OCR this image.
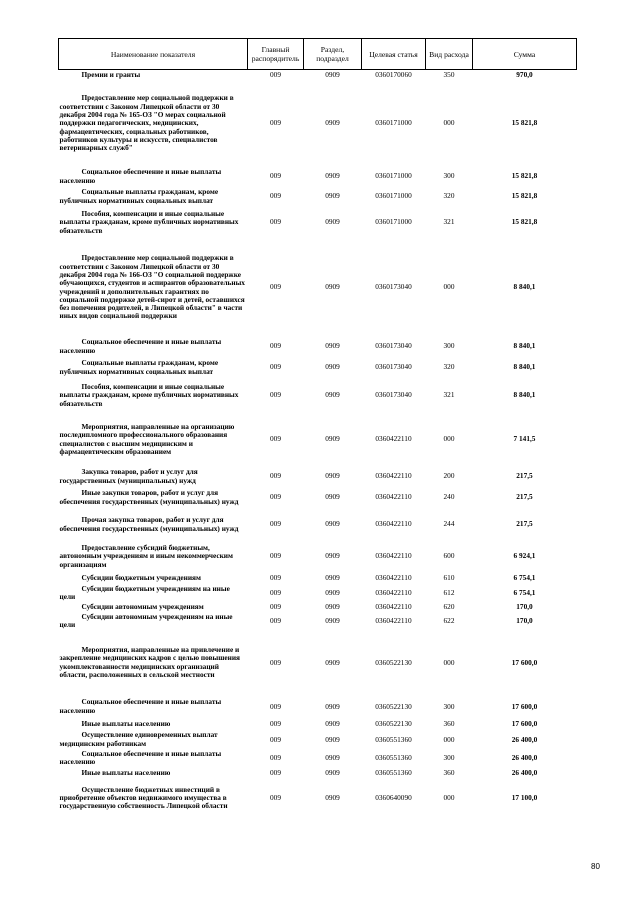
Наименование показателя	Главный распорядитель	Раздел, подраздел	Целевая статья	Вид расхода	Сумма
Премии и гранты	009	0909	0360170060	350	970,0
Предоставление мер социальной поддержки в соответствии с Законом Липецкой области от 30 декабря 2004 года № 165-ОЗ "О мерах социальной поддержки педагогических, медицинских, фармацевтических, социальных работников, работников культуры и искусств, специалистов ветеринарных служб"	009	0909	0360171000	000	15 821,8
Социальное обеспечение и иные выплаты населению	009	0909	0360171000	300	15 821,8
Социальные выплаты гражданам, кроме публичных нормативных социальных выплат	009	0909	0360171000	320	15 821,8
Пособия, компенсации и иные социальные выплаты гражданам, кроме публичных нормативных обязательств	009	0909	0360171000	321	15 821,8
Предоставление мер социальной поддержки в соответствии с Законом Липецкой области от 30 декабря 2004 года № 166-ОЗ "О социальной поддержке обучающихся, студентов и аспирантов образовательных учреждений и дополнительных гарантиях по социальной поддержке детей-сирот и детей, оставшихся без попечения родителей, в Липецкой области" в части иных видов социальной поддержки	009	0909	0360173040	000	8 840,1
Социальное обеспечение и иные выплаты населению	009	0909	0360173040	300	8 840,1
Социальные выплаты гражданам, кроме публичных нормативных социальных выплат	009	0909	0360173040	320	8 840,1
Пособия, компенсации и иные социальные выплаты гражданам, кроме публичных нормативных обязательств	009	0909	0360173040	321	8 840,1
Мероприятия, направленные на организацию последипломного профессионального образования специалистов с высшим медицинским и фармацевтическим образованием	009	0909	0360422110	000	7 141,5
Закупка товаров, работ и услуг для государственных (муниципальных) нужд	009	0909	0360422110	200	217,5
Иные закупки товаров, работ и услуг для обеспечения государственных (муниципальных) нужд	009	0909	0360422110	240	217,5
Прочая закупка товаров, работ и услуг для обеспечения государственных (муниципальных) нужд	009	0909	0360422110	244	217,5
Предоставление субсидий бюджетным, автономным учреждениям и иным некоммерческим организациям	009	0909	0360422110	600	6 924,1
Субсидии бюджетным учреждениям	009	0909	0360422110	610	6 754,1
Субсидии бюджетным учреждениям на иные цели	009	0909	0360422110	612	6 754,1
Субсидии автономным учреждениям	009	0909	0360422110	620	170,0
Субсидии автономным учреждениям на иные цели	009	0909	0360422110	622	170,0
Мероприятия, направленные на привлечение и закрепление медицинских кадров с целью повышения укомплектованности медицинских организаций области, расположенных в сельской местности	009	0909	0360522130	000	17 600,0
Социальное обеспечение и иные выплаты населению	009	0909	0360522130	300	17 600,0
Иные выплаты населению	009	0909	0360522130	360	17 600,0
Осуществление единовременных выплат медицинским работникам	009	0909	0360551360	000	26 400,0
Социальное обеспечение и иные выплаты населению	009	0909	0360551360	300	26 400,0
Иные выплаты населению	009	0909	0360551360	360	26 400,0
Осуществление бюджетных инвестиций в приобретение объектов недвижимого имущества в государственную собственность Липецкой области	009	0909	0360640090	000	17 100,0
80
